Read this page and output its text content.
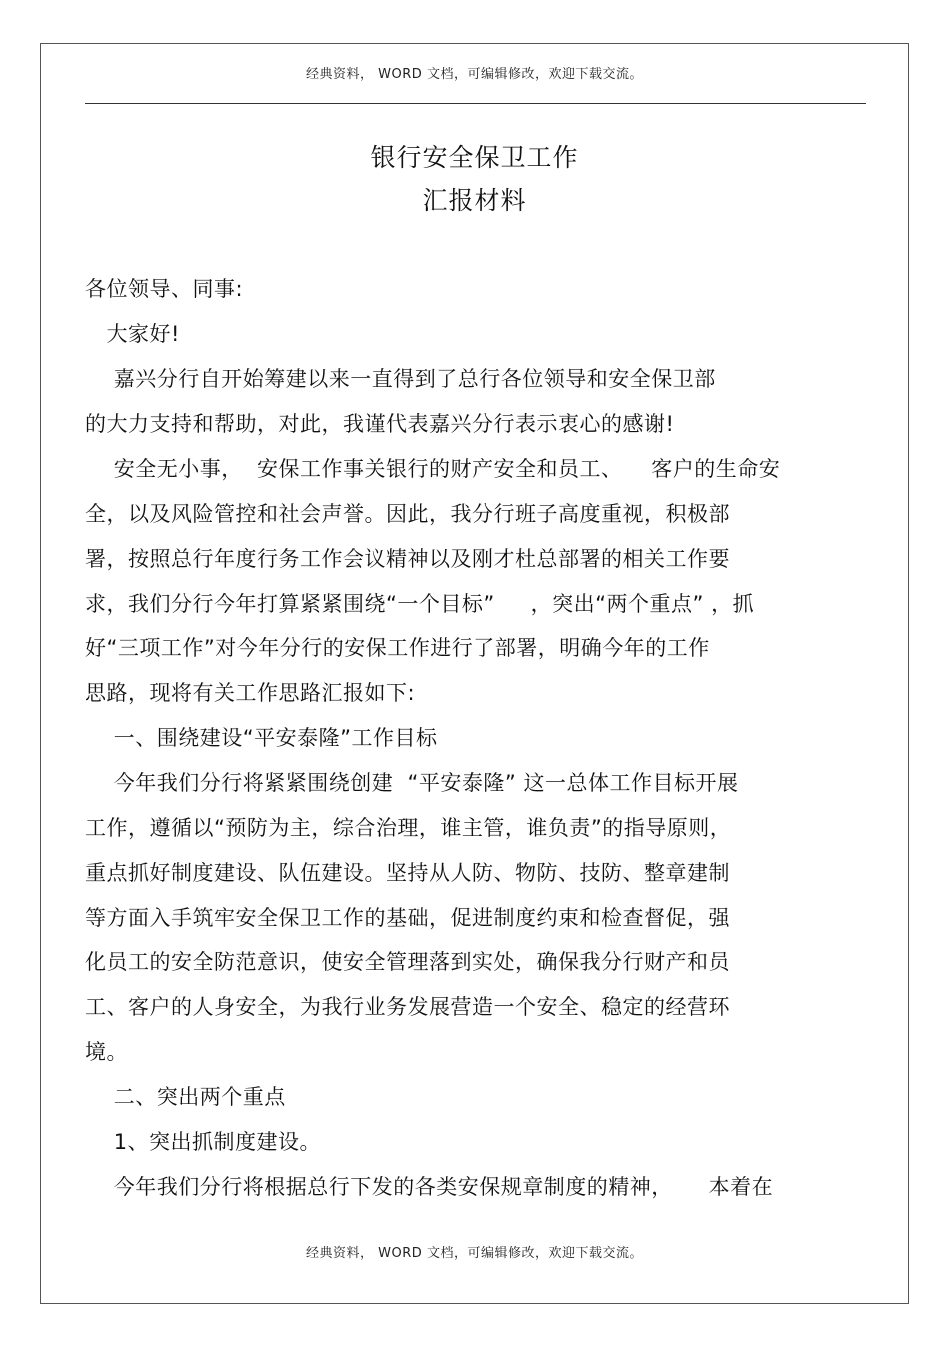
经典资料， WORD 文档，可编辑修改，欢迎下载交流。
银行安全保卫工作
汇报材料
各位领导、同事:
大家好!
嘉兴分行自开始筹建以来一直得到了总行各位领导和安全保卫部
的大力支持和帮助，对此，我谨代表嘉兴分行表示衷心的感谢!
安全无小事，  安保工作事关银行的财产安全和员工、    客户的生命安
全，以及风险管控和社会声誉。因此，我分行班子高度重视，积极部
署，按照总行年度行务工作会议精神以及刚才杜总部署的相关工作要
求，我们分行今年打算紧紧围绕“一个目标”     ，突出“两个重点” ，抓
好“三项工作”对今年分行的安保工作进行了部署，明确今年的工作
思路，现将有关工作思路汇报如下:
一、围绕建设“平安泰隆”工作目标
今年我们分行将紧紧围绕创建  “平安泰隆” 这一总体工作目标开展
工作，遵循以“预防为主，综合治理，谁主管，谁负责”的指导原则，
重点抓好制度建设、队伍建设。坚持从人防、物防、技防、整章建制
等方面入手筑牢安全保卫工作的基础，促进制度约束和检查督促，强
化员工的安全防范意识，使安全管理落到实处，确保我分行财产和员
工、客户的人身安全，为我行业务发展营造一个安全、稳定的经营环
境。
二、突出两个重点
1、突出抓制度建设。
今年我们分行将根据总行下发的各类安保规章制度的精神，     本着在
经典资料， WORD 文档，可编辑修改，欢迎下载交流。
